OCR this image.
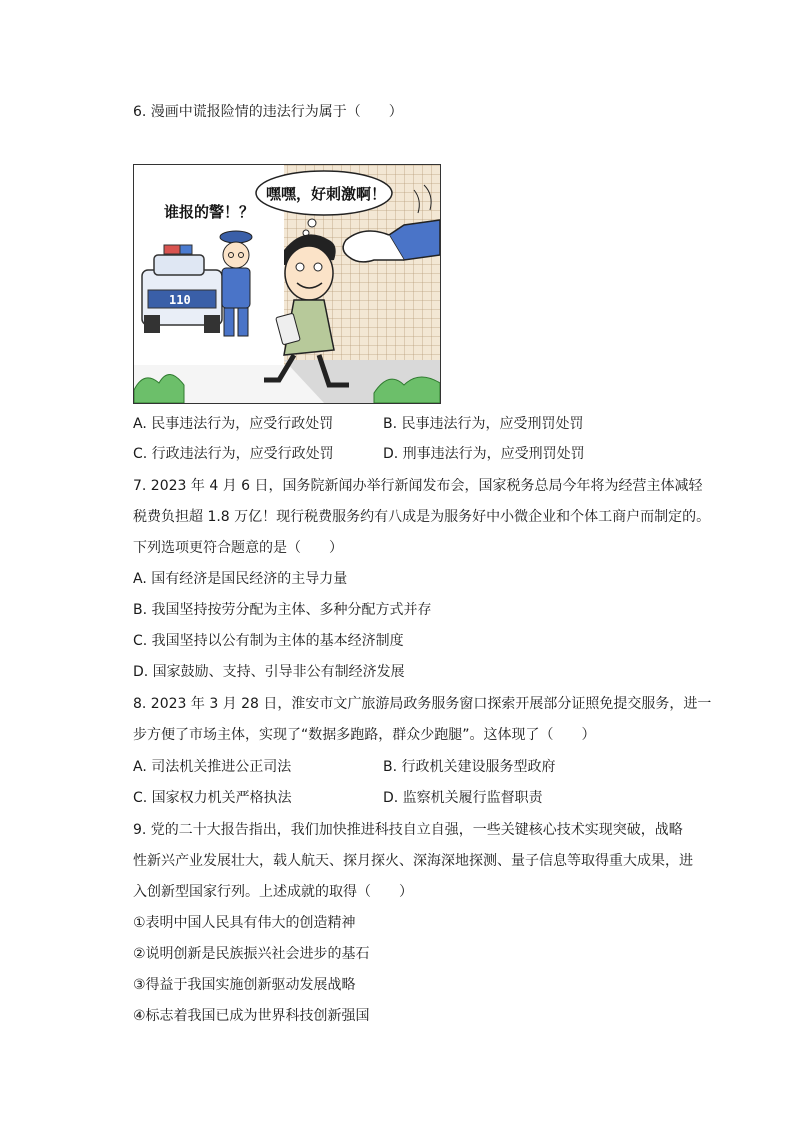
6. 漫画中谎报险情的违法行为属于（　　）
110
谁报的警！？
嘿嘿，好刺激啊！
A. 民事违法行为，应受行政处罚	B. 民事违法行为，应受刑罚处罚
C. 行政违法行为，应受行政处罚	D. 刑事违法行为，应受刑罚处罚
7. 2023 年 4 月 6 日，国务院新闻办举行新闻发布会，国家税务总局今年将为经营主体减轻
税费负担超 1.8 万亿！现行税费服务约有八成是为服务好中小微企业和个体工商户而制定的。
下列选项更符合题意的是（　　）
A. 国有经济是国民经济的主导力量
B. 我国坚持按劳分配为主体、多种分配方式并存
C. 我国坚持以公有制为主体的基本经济制度
D. 国家鼓励、支持、引导非公有制经济发展
8. 2023 年 3 月 28 日，淮安市文广旅游局政务服务窗口探索开展部分证照免提交服务，进一
步方便了市场主体，实现了“数据多跑路，群众少跑腿”。这体现了（　　）
A. 司法机关推进公正司法	B. 行政机关建设服务型政府
C. 国家权力机关严格执法	D. 监察机关履行监督职责
9. 党的二十大报告指出，我们加快推进科技自立自强，一些关键核心技术实现突破，战略
性新兴产业发展壮大，载人航天、探月探火、深海深地探测、量子信息等取得重大成果，进
入创新型国家行列。上述成就的取得（　　）
①表明中国人民具有伟大的创造精神
②说明创新是民族振兴社会进步的基石
③得益于我国实施创新驱动发展战略
④标志着我国已成为世界科技创新强国
